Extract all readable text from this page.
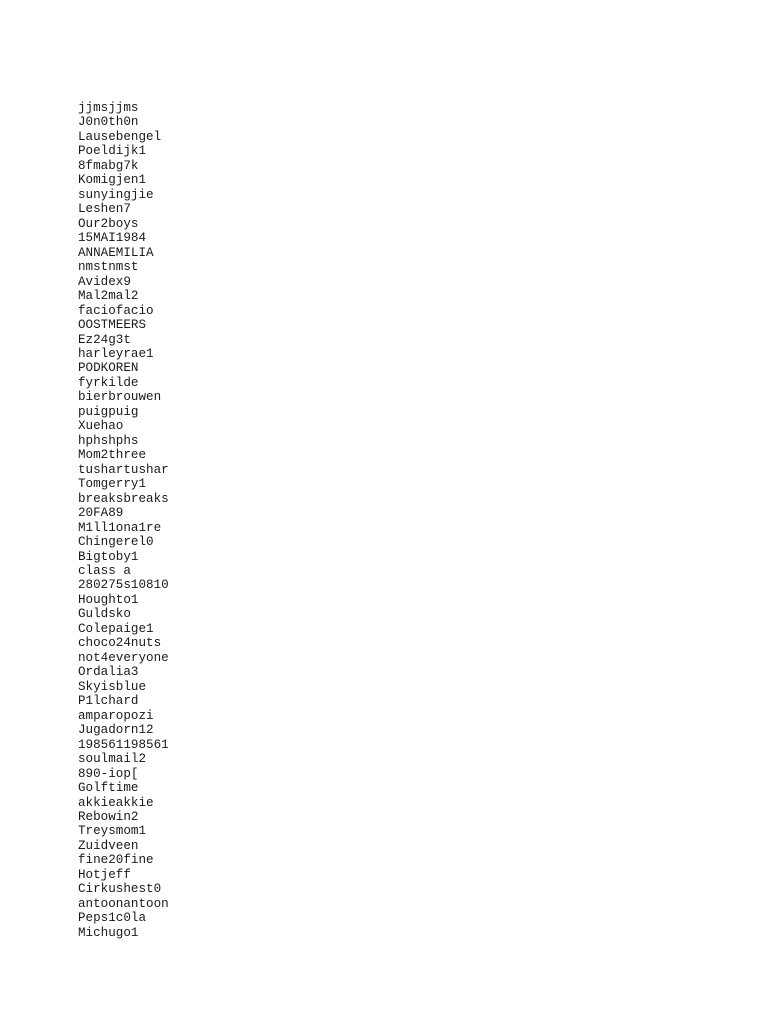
jjmsjjms
J0n0th0n
Lausebengel
Poeldijk1
8fmabg7k
Komigjen1
sunyingjie
Leshen7
Our2boys
15MAI1984
ANNAEMILIA
nmstnmst
Avidex9
Mal2mal2
faciofacio
OOSTMEERS
Ez24g3t
harleyrae1
PODKOREN
fyrkilde
bierbrouwen
puigpuig
Xuehao
hphshphs
Mom2three
tushartushar
Tomgerry1
breaksbreaks
20FA89
M1ll1ona1re
Chingerel0
Bigtoby1
class a
280275s10810
Houghto1
Guldsko
Colepaige1
choco24nuts
not4everyone
Ordalia3
Skyisblue
P1lchard
amparopozi
Jugadorn12
198561198561
soulmail2
890-iop[
Golftime
akkieakkie
Rebowin2
Treysmom1
Zuidveen
fine20fine
Hotjeff
Cirkushest0
antoonantoon
Peps1c0la
Michugo1
